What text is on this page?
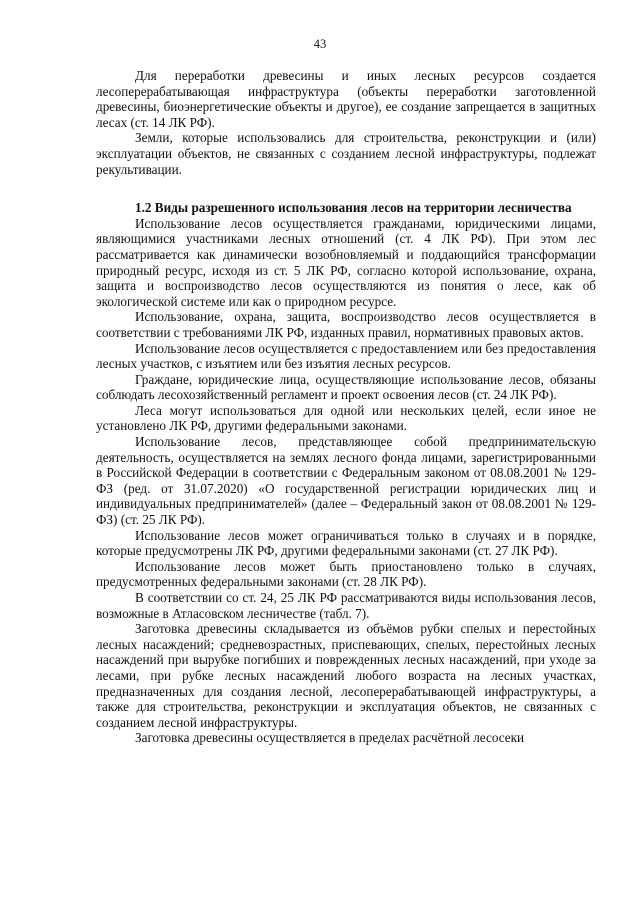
43

Для переработки древесины и иных лесных ресурсов создается лесоперерабатывающая инфраструктура (объекты переработки заготовленной древесины, биоэнергетические объекты и другое), ее создание запрещается в защитных лесах (ст. 14 ЛК РФ).

Земли, которые использовались для строительства, реконструкции и (или) эксплуатации объектов, не связанных с созданием лесной инфраструктуры, подлежат рекультивации.

1.2 Виды разрешенного использования лесов на территории лесничества

Использование лесов осуществляется гражданами, юридическими лицами, являющимися участниками лесных отношений (ст. 4 ЛК РФ). При этом лес рассматривается как динамически возобновляемый и поддающийся трансформации природный ресурс, исходя из ст. 5 ЛК РФ, согласно которой использование, охрана, защита и воспроизводство лесов осуществляются из понятия о лесе, как об экологической системе или как о природном ресурсе.

Использование, охрана, защита, воспроизводство лесов осуществляется в соответствии с требованиями ЛК РФ, изданных правил, нормативных правовых актов.

Использование лесов осуществляется с предоставлением или без предоставления лесных участков, с изъятием или без изъятия лесных ресурсов.

Граждане, юридические лица, осуществляющие использование лесов, обязаны соблюдать лесохозяйственный регламент и проект освоения лесов (ст. 24 ЛК РФ).

Леса могут использоваться для одной или нескольких целей, если иное не установлено ЛК РФ, другими федеральными законами.

Использование лесов, представляющее собой предпринимательскую деятельность, осуществляется на землях лесного фонда лицами, зарегистрированными в Российской Федерации в соответствии с Федеральным законом от 08.08.2001 № 129-ФЗ (ред. от 31.07.2020) «О государственной регистрации юридических лиц и индивидуальных предпринимателей» (далее – Федеральный закон от 08.08.2001 № 129-ФЗ) (ст. 25 ЛК РФ).

Использование лесов может ограничиваться только в случаях и в порядке, которые предусмотрены ЛК РФ, другими федеральными законами (ст. 27 ЛК РФ).

Использование лесов может быть приостановлено только в случаях, предусмотренных федеральными законами (ст. 28 ЛК РФ).

В соответствии со ст. 24, 25 ЛК РФ рассматриваются виды использования лесов, возможные в Атласовском лесничестве (табл. 7).

Заготовка древесины складывается из объёмов рубки спелых и перестойных лесных насаждений; средневозрастных, приспевающих, спелых, перестойных лесных насаждений при вырубке погибших и поврежденных лесных насаждений, при уходе за лесами, при рубке лесных насаждений любого возраста на лесных участках, предназначенных для создания лесной, лесоперерабатывающей инфраструктуры, а также для строительства, реконструкции и эксплуатация объектов, не связанных с созданием лесной инфраструктуры.

Заготовка древесины осуществляется в пределах расчётной лесосеки
